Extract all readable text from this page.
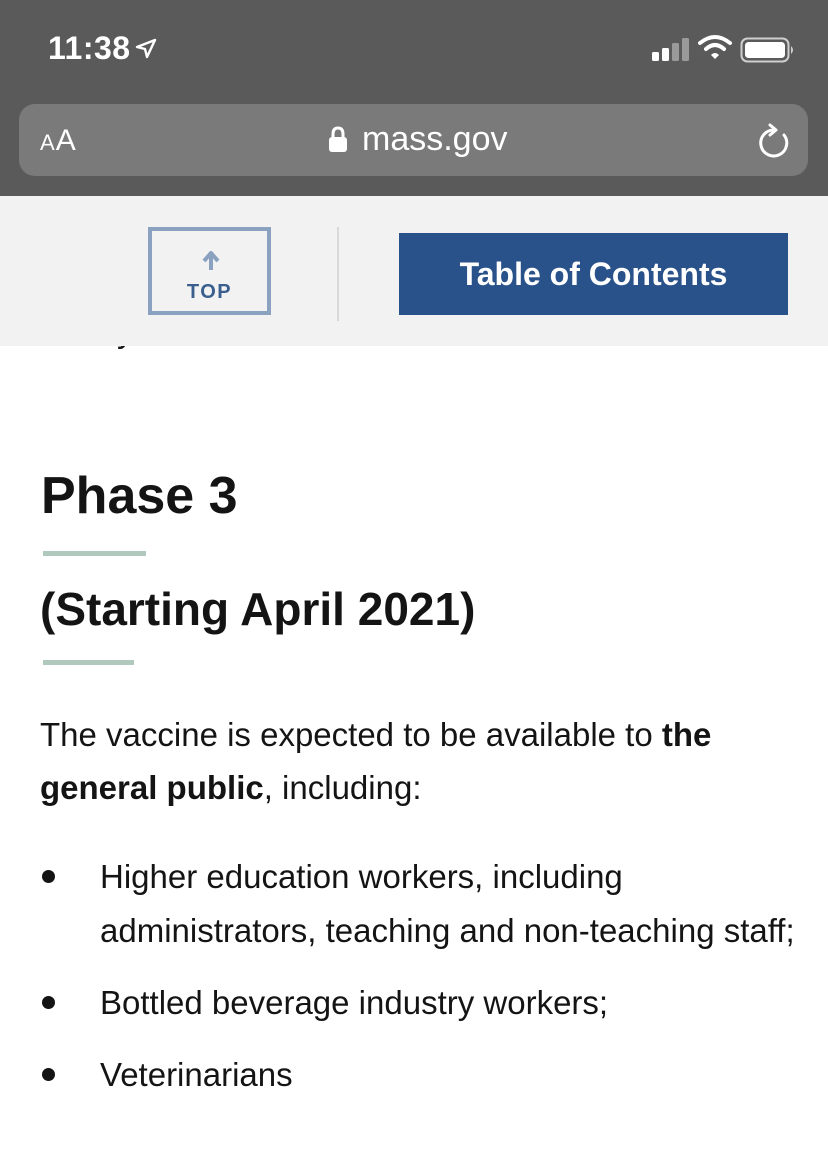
11:38
AA	mass.gov
TOP
Table of Contents
Phase 3
(Starting April 2021)

The vaccine is expected to be available to the general public, including:

Higher education workers, including administrators, teaching and non-teaching staff;
Bottled beverage industry workers;
Veterinarians
